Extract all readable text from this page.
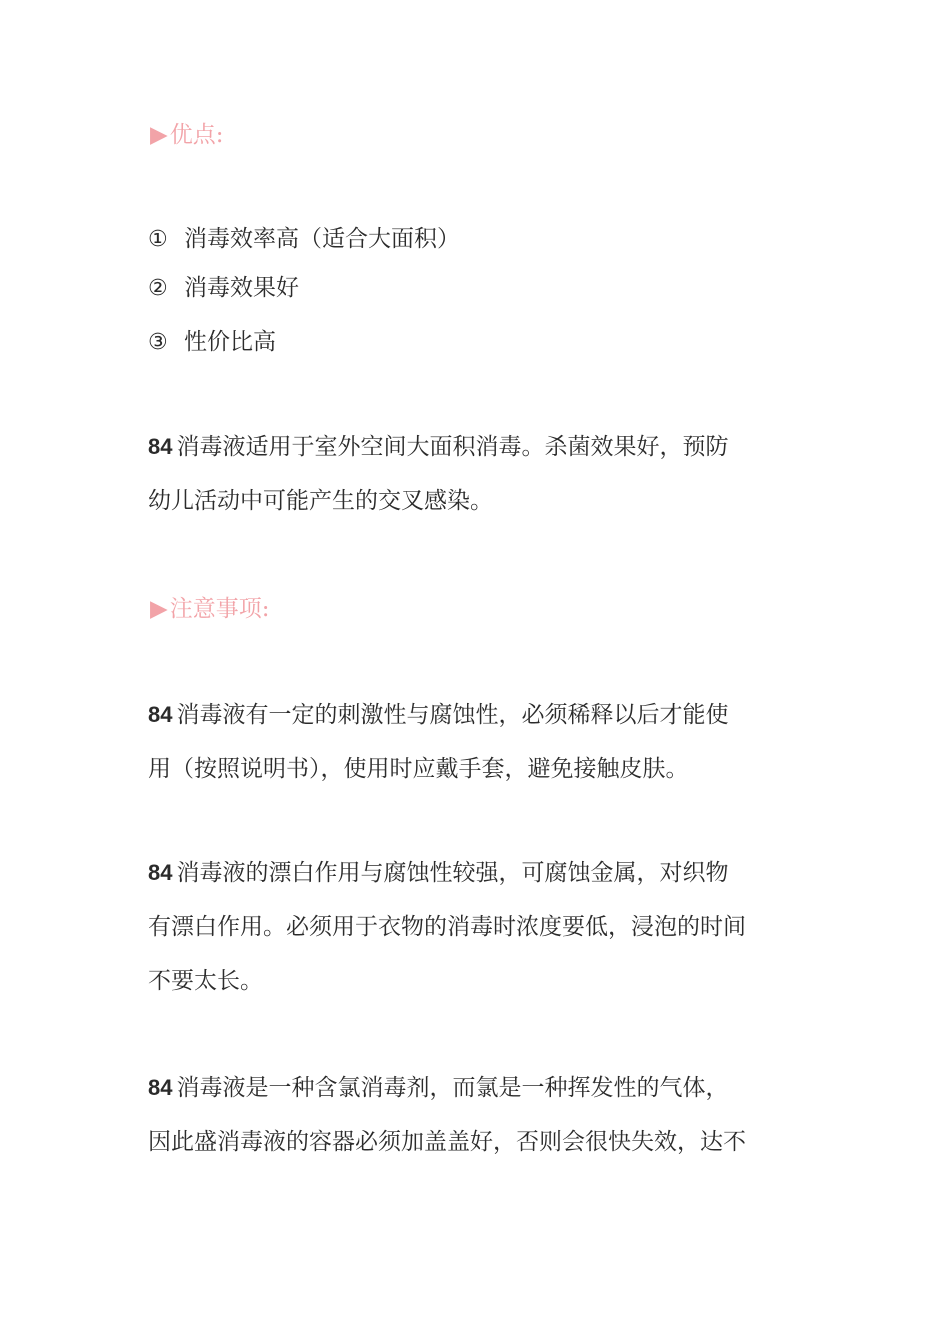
▶优点:
① 消毒效率高（适合大面积）
② 消毒效果好
③ 性价比高
84 消毒液适用于室外空间大面积消毒。杀菌效果好，预防
幼儿活动中可能产生的交叉感染。
▶注意事项:
84 消毒液有一定的刺激性与腐蚀性，必须稀释以后才能使
用（按照说明书），使用时应戴手套，避免接触皮肤。
84 消毒液的漂白作用与腐蚀性较强，可腐蚀金属，对织物
有漂白作用。必须用于衣物的消毒时浓度要低，浸泡的时间
不要太长。
84 消毒液是一种含氯消毒剂，而氯是一种挥发性的气体，
因此盛消毒液的容器必须加盖盖好，否则会很快失效，达不
